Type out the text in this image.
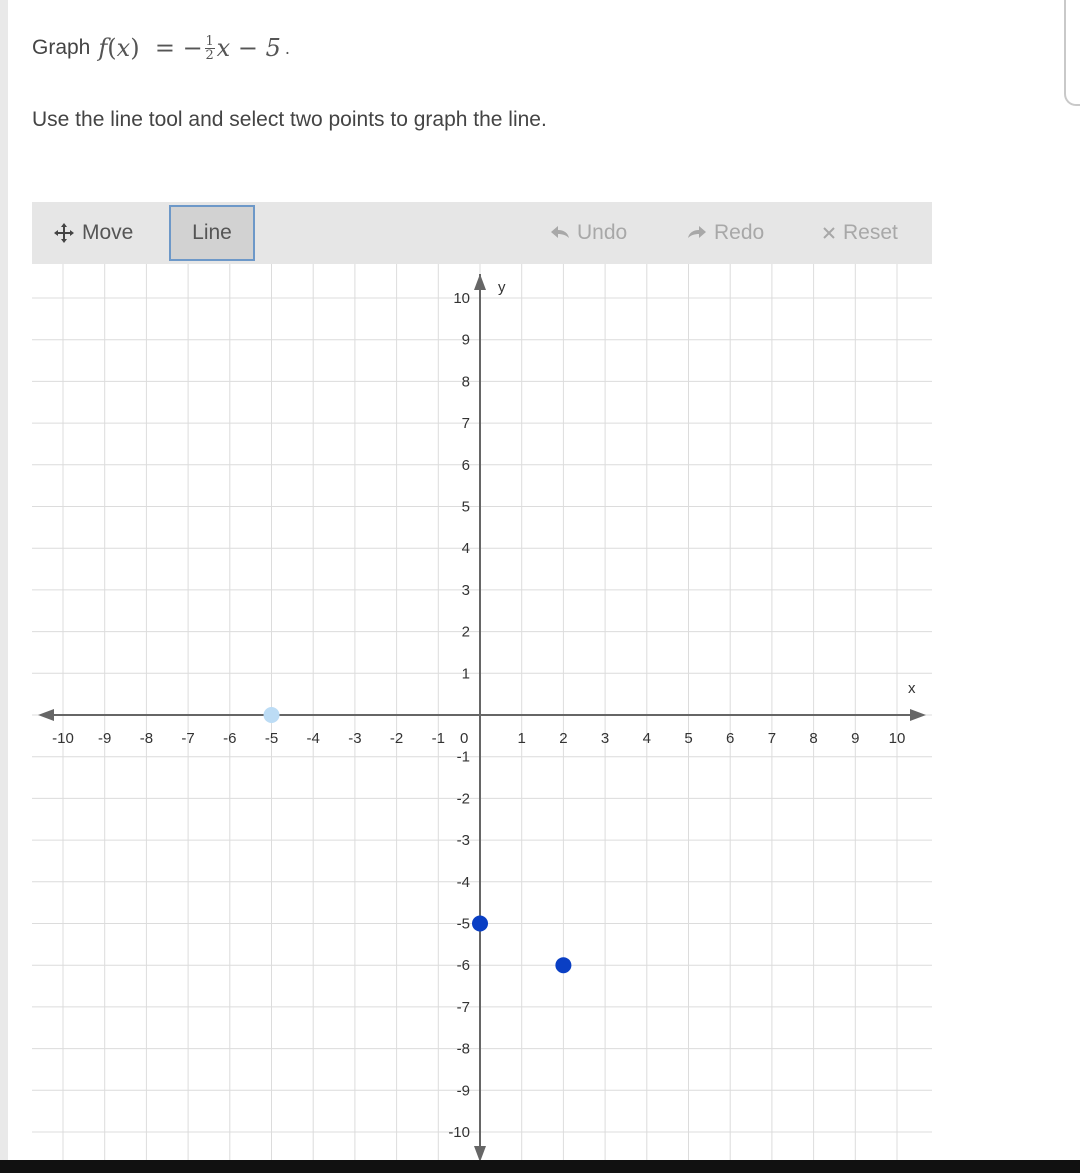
Graph f ( x ) =
− $\frac{1}{2}$ x − 5 .
Use the line tool and select two points to graph the line.
Move	Line	Undo	Redo	Reset
x
y
0
-10 -9 -8 -7 -6 -5 -4 -3 -2 -1	1 2 3 4 5 6 7 8 9 10
10
9
8
7
6
5
4
3
2
1
-1
-2
-3
-4
-5
-6
-7
-8
-9
-10
